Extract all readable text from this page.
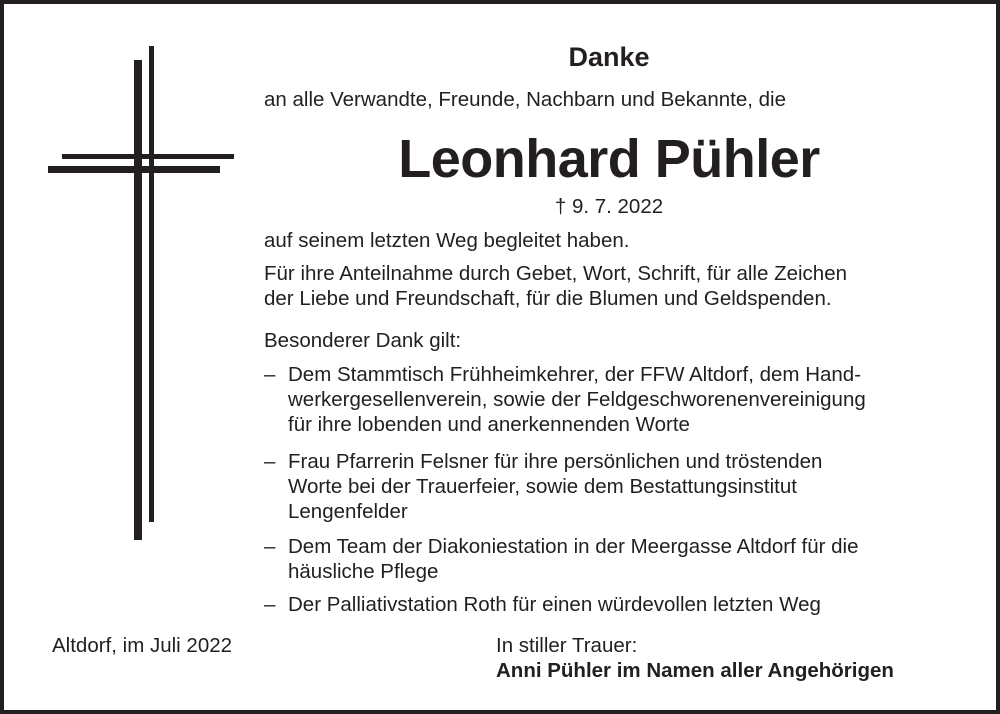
Danke
an alle Verwandte, Freunde, Nachbarn und Bekannte, die
Leonhard Pühler
† 9. 7. 2022
auf seinem letzten Weg begleitet haben.
Für ihre Anteilnahme durch Gebet, Wort, Schrift, für alle Zeichen
der Liebe und Freundschaft, für die Blumen und Geldspenden.
Besonderer Dank gilt:
– Dem Stammtisch Frühheimkehrer, der FFW Altdorf, dem Hand-
werkergesellenverein, sowie der Feldgeschworenenvereinigung
für ihre lobenden und anerkennenden Worte
– Frau Pfarrerin Felsner für ihre persönlichen und tröstenden
Worte bei der Trauerfeier, sowie dem Bestattungsinstitut
Lengenfelder
– Dem Team der Diakoniestation in der Meergasse Altdorf für die
häusliche Pflege
– Der Palliativstation Roth für einen würdevollen letzten Weg
Altdorf, im Juli 2022	In stiller Trauer:
Anni Pühler im Namen aller Angehörigen
